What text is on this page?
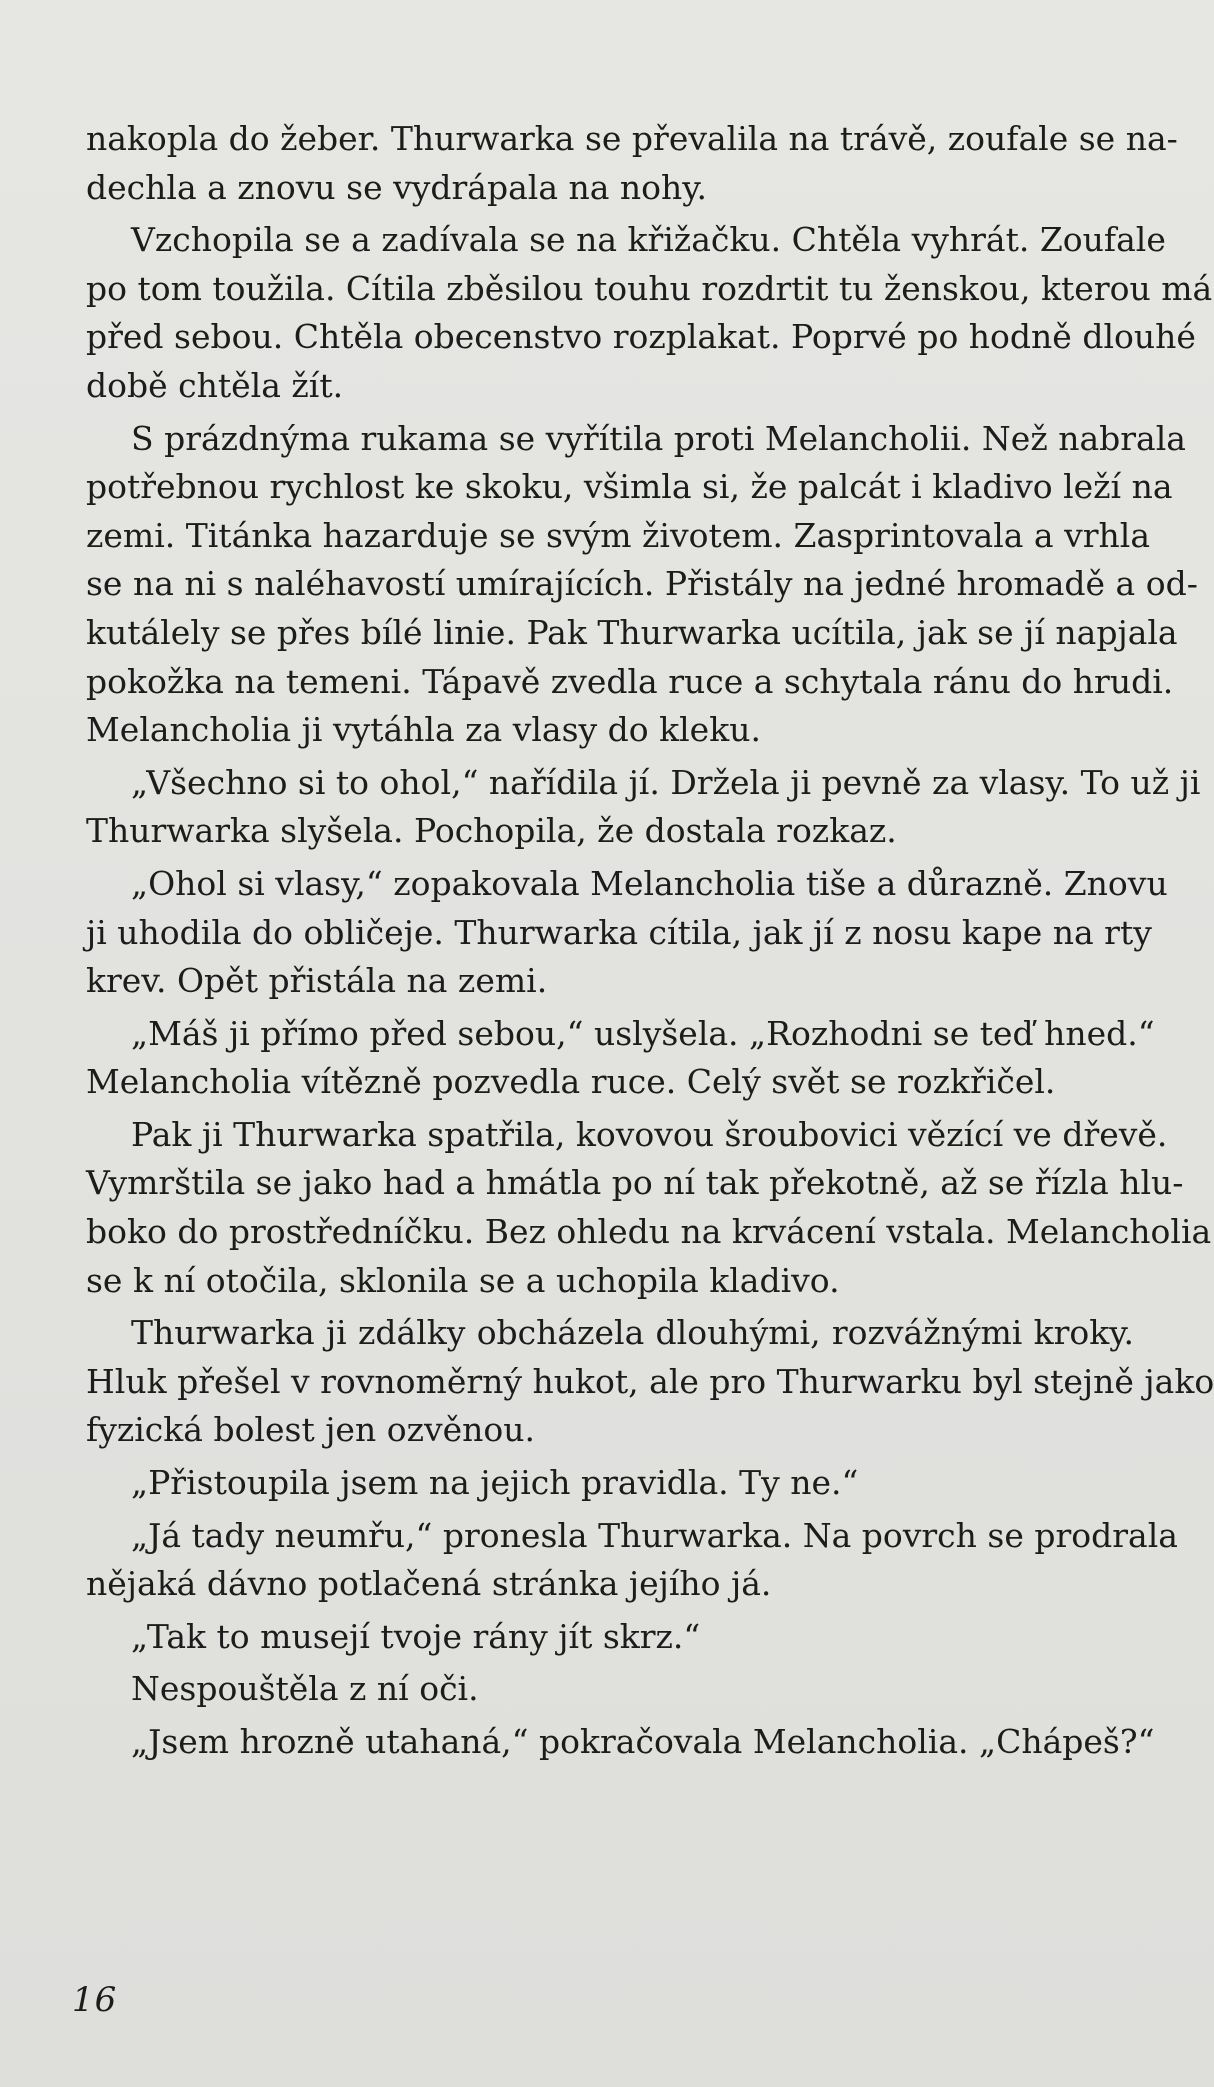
nakopla do žeber. Thurwarka se převalila na trávě, zoufale se na-
dechla a znovu se vydrápala na nohy.
Vzchopila se a zadívala se na křižačku. Chtěla vyhrát. Zoufale
po tom toužila. Cítila zběsilou touhu rozdrtit tu ženskou, kterou má
před sebou. Chtěla obecenstvo rozplakat. Poprvé po hodně dlouhé
době chtěla žít.
S prázdnýma rukama se vyřítila proti Melancholii. Než nabrala
potřebnou rychlost ke skoku, všimla si, že palcát i kladivo leží na
zemi. Titánka hazarduje se svým životem. Zasprintovala a vrhla
se na ni s naléhavostí umírajících. Přistály na jedné hromadě a od-
kutálely se přes bílé linie. Pak Thurwarka ucítila, jak se jí napjala
pokožka na temeni. Tápavě zvedla ruce a schytala ránu do hrudi.
Melancholia ji vytáhla za vlasy do kleku.
„Všechno si to ohol,“ nařídila jí. Držela ji pevně za vlasy. To už ji
Thurwarka slyšela. Pochopila, že dostala rozkaz.
„Ohol si vlasy,“ zopakovala Melancholia tiše a důrazně. Znovu
ji uhodila do obličeje. Thurwarka cítila, jak jí z nosu kape na rty
krev. Opět přistála na zemi.
„Máš ji přímo před sebou,“ uslyšela. „Rozhodni se teď hned.“
Melancholia vítězně pozvedla ruce. Celý svět se rozkřičel.
Pak ji Thurwarka spatřila, kovovou šroubovici vězící ve dřevě.
Vymrštila se jako had a hmátla po ní tak překotně, až se řízla hlu-
boko do prostředníčku. Bez ohledu na krvácení vstala. Melancholia
se k ní otočila, sklonila se a uchopila kladivo.
Thurwarka ji zdálky obcházela dlouhými, rozvážnými kroky.
Hluk přešel v rovnoměrný hukot, ale pro Thurwarku byl stejně jako
fyzická bolest jen ozvěnou.
„Přistoupila jsem na jejich pravidla. Ty ne.“
„Já tady neumřu,“ pronesla Thurwarka. Na povrch se prodrala
nějaká dávno potlačená stránka jejího já.
„Tak to musejí tvoje rány jít skrz.“
Nespouštěla z ní oči.
„Jsem hrozně utahaná,“ pokračovala Melancholia. „Chápeš?“
16
